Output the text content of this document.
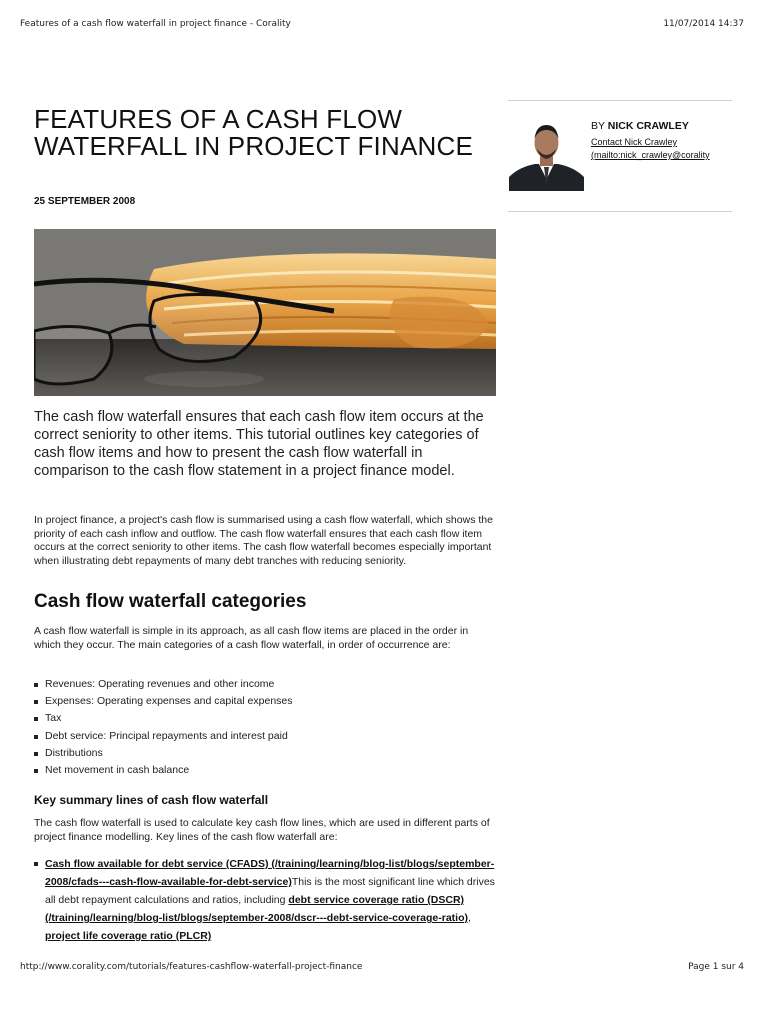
Features of a cash flow waterfall in project finance - Corality	11/07/2014 14:37
FEATURES OF A CASH FLOW WATERFALL IN PROJECT FINANCE
25 SEPTEMBER 2008

The cash flow waterfall ensures that each cash flow item occurs at the correct seniority to other items. This tutorial outlines key categories of cash flow items and how to present the cash flow waterfall in comparison to the cash flow statement in a project finance model.

In project finance, a project's cash flow is summarised using a cash flow waterfall, which shows the priority of each cash inflow and outflow. The cash flow waterfall ensures that each cash flow item occurs at the correct seniority to other items. The cash flow waterfall becomes especially important when illustrating debt repayments of many debt tranches with reducing seniority.

Cash flow waterfall categories

A cash flow waterfall is simple in its approach, as all cash flow items are placed in the order in which they occur. The main categories of a cash flow waterfall, in order of occurrence are:

Revenues: Operating revenues and other income
Expenses: Operating expenses and capital expenses
Tax
Debt service: Principal repayments and interest paid
Distributions
Net movement in cash balance
Key summary lines of cash flow waterfall

The cash flow waterfall is used to calculate key cash flow lines, which are used in different parts of project finance modelling. Key lines of the cash flow waterfall are:

Cash flow available for debt service (CFADS) (/training/learning/blog-list/blogs/september-2008/cfads---cash-flow-available-for-debt-service)This is the most significant line which drives all debt repayment calculations and ratios, including debt service coverage ratio (DSCR) (/training/learning/blog-list/blogs/september-2008/dscr---debt-service-coverage-ratio), project life coverage ratio (PLCR)
BY NICK CRAWLEY
Contact Nick Crawley
(mailto:nick_crawley@corality
http://www.corality.com/tutorials/features-cashflow-waterfall-project-finance	Page 1 sur 4
